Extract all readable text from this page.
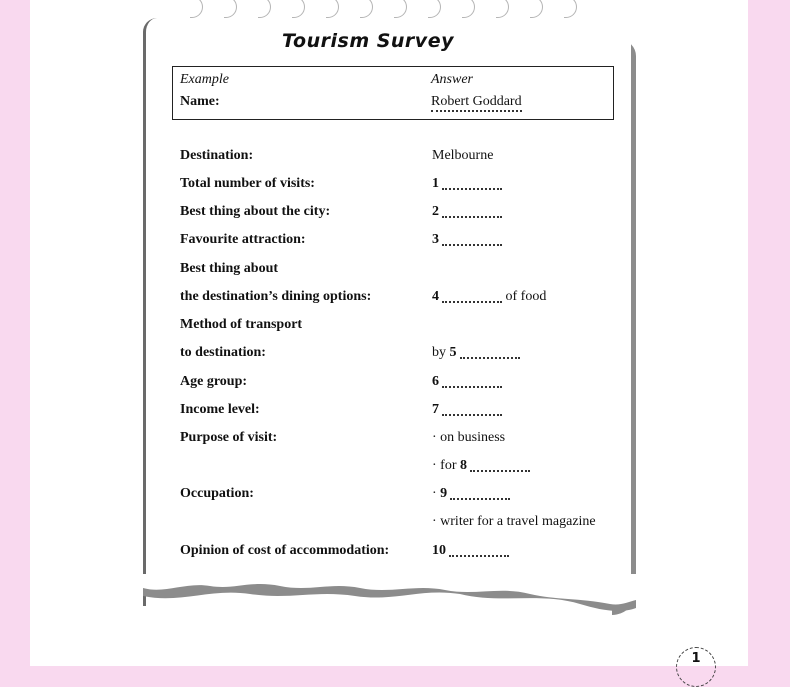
Tourism Survey
Example	Answer
Name:	Robert Goddard
Destination:	Melbourne
Total number of visits:	1
Best thing about the city:	2
Favourite attraction:	3
Best thing about
the destination’s dining options:	4	of food
Method of transport
to destination:	by 5
Age group:	6
Income level:	7
Purpose of visit:	· on business
· for 8
Occupation:	· 9
· writer for a travel magazine
Opinion of cost of accommodation:	10
1
